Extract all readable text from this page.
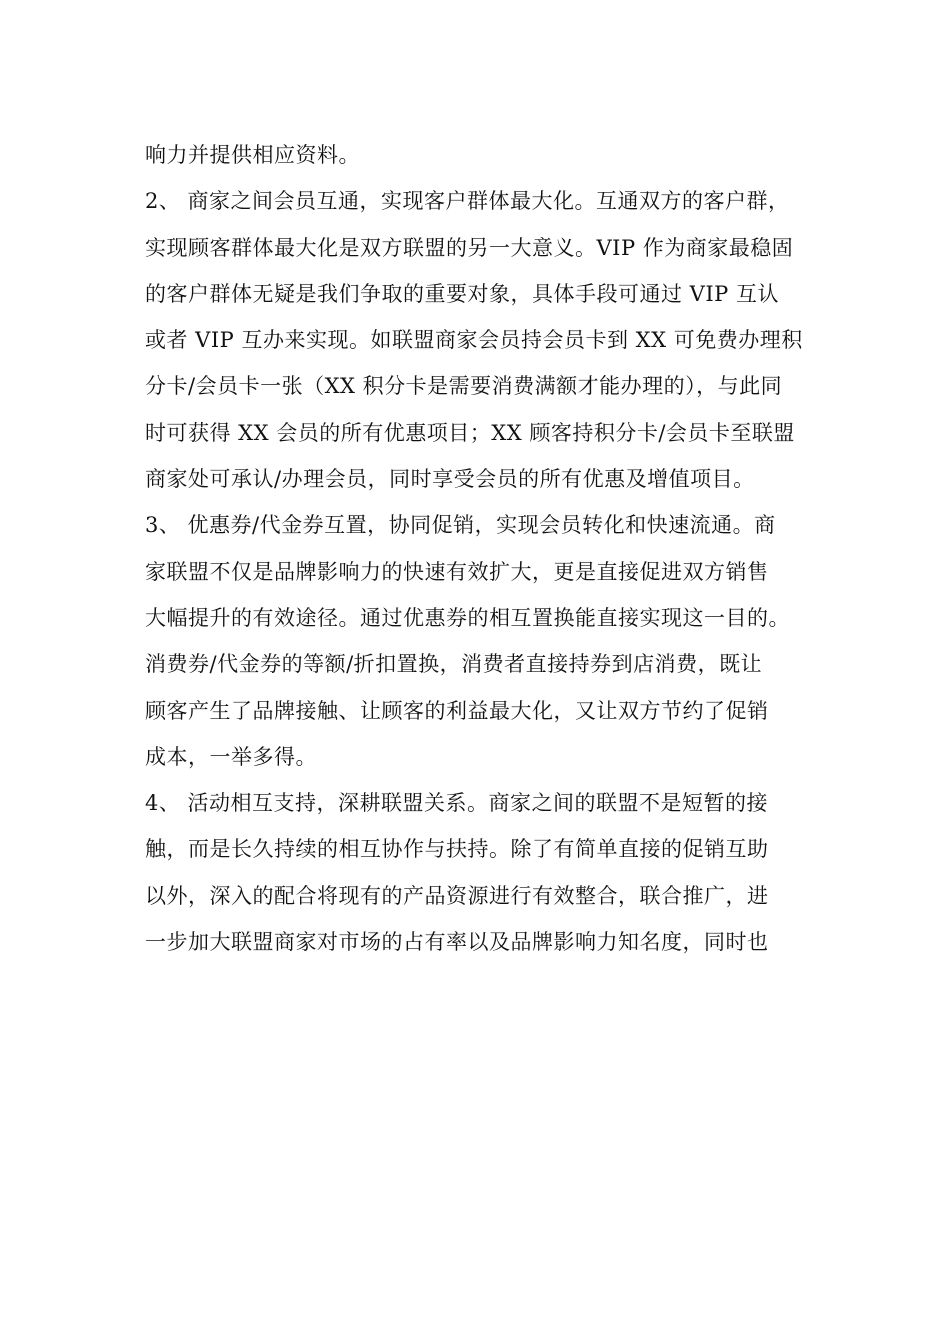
响力并提供相应资料。
2、 商家之间会员互通，实现客户群体最大化。互通双方的客户群，
实现顾客群体最大化是双方联盟的另一大意义。VIP 作为商家最稳固
的客户群体无疑是我们争取的重要对象，具体手段可通过 VIP 互认
或者 VIP 互办来实现。如联盟商家会员持会员卡到 XX 可免费办理积
分卡/会员卡一张（XX 积分卡是需要消费满额才能办理的），与此同
时可获得 XX 会员的所有优惠项目；XX 顾客持积分卡/会员卡至联盟
商家处可承认/办理会员，同时享受会员的所有优惠及增值项目。
3、 优惠券/代金券互置，协同促销，实现会员转化和快速流通。商
家联盟不仅是品牌影响力的快速有效扩大，更是直接促进双方销售
大幅提升的有效途径。通过优惠券的相互置换能直接实现这一目的。
消费券/代金券的等额/折扣置换，消费者直接持券到店消费，既让
顾客产生了品牌接触、让顾客的利益最大化，又让双方节约了促销
成本，一举多得。
4、 活动相互支持，深耕联盟关系。商家之间的联盟不是短暂的接
触，而是长久持续的相互协作与扶持。除了有简单直接的促销互助
以外，深入的配合将现有的产品资源进行有效整合，联合推广，进
一步加大联盟商家对市场的占有率以及品牌影响力知名度，同时也
